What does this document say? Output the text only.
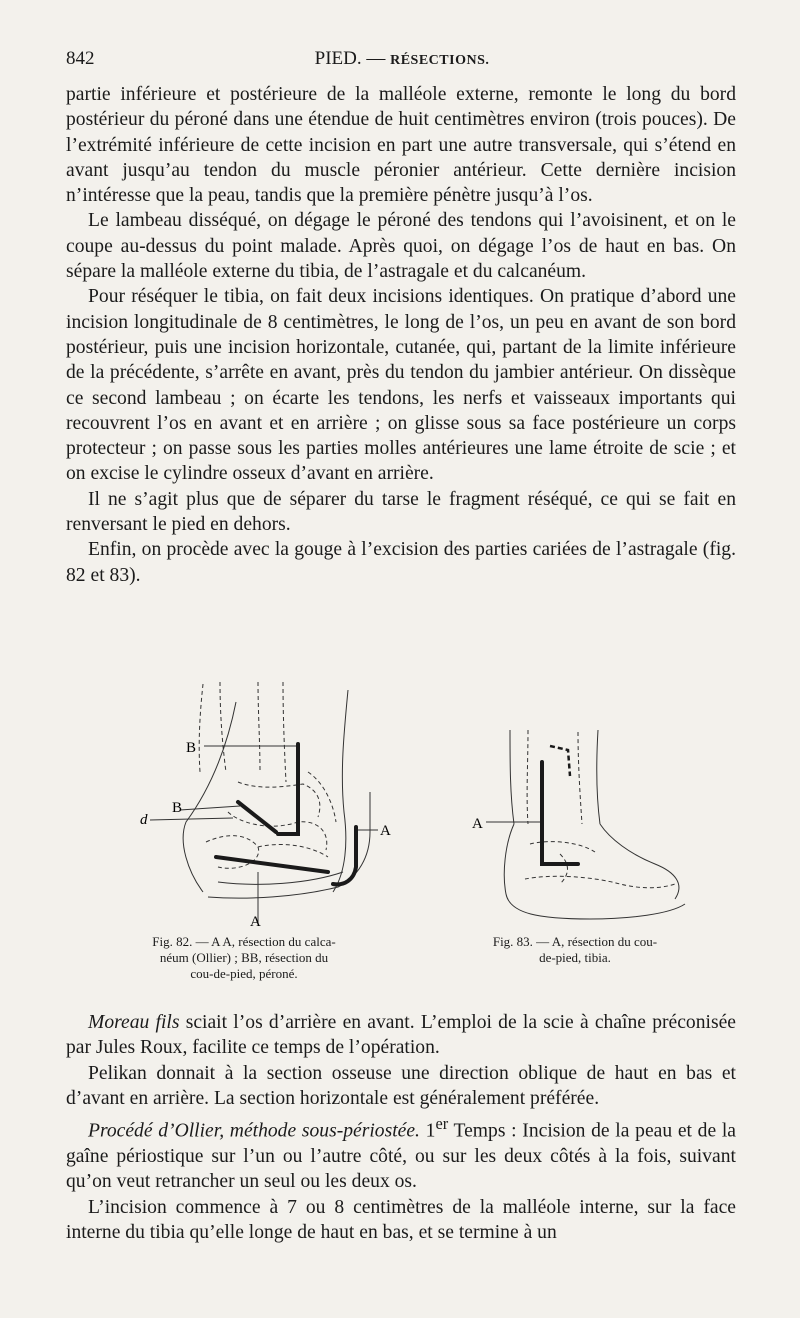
842	PIED. — RÉSECTIONS.

partie inférieure et postérieure de la malléole externe, remonte le long du bord postérieur du péroné dans une étendue de huit centimètres environ (trois pouces). De l’extrémité inférieure de cette incision en part une autre transversale, qui s’étend en avant jusqu’au tendon du muscle péronier antérieur. Cette dernière incision n’intéresse que la peau, tandis que la première pénètre jusqu’à l’os.

Le lambeau disséqué, on dégage le péroné des tendons qui l’avoisinent, et on le coupe au-dessus du point malade. Après quoi, on dégage l’os de haut en bas. On sépare la malléole externe du tibia, de l’astragale et du calcanéum.

Pour réséquer le tibia, on fait deux incisions identiques. On pratique d’abord une incision longitudinale de 8 centimètres, le long de l’os, un peu en avant de son bord postérieur, puis une incision horizontale, cutanée, qui, partant de la limite inférieure de la précédente, s’arrête en avant, près du tendon du jambier antérieur. On dissèque ce second lambeau ; on écarte les tendons, les nerfs et vaisseaux importants qui recouvrent l’os en avant et en arrière ; on glisse sous sa face postérieure un corps protecteur ; on passe sous les parties molles antérieures une lame étroite de scie ; et on excise le cylindre osseux d’avant en arrière.

Il ne s’agit plus que de séparer du tarse le fragment réséqué, ce qui se fait en renversant le pied en dehors.

Enfin, on procède avec la gouge à l’excision des parties cariées de l’astragale (fig. 82 et 83).

B
B
d
A
A
Fig. 82. — A A, résection du calca-
néum (Ollier) ; BB, résection du
cou-de-pied, péroné.
A
Fig. 83. — A, résection du cou-
de-pied, tibia.

Moreau fils sciait l’os d’arrière en avant. L’emploi de la scie à chaîne préconisée par Jules Roux, facilite ce temps de l’opération.

Pelikan donnait à la section osseuse une direction oblique de haut en bas et d’avant en arrière. La section horizontale est généralement préférée.

Procédé d’Ollier, méthode sous-périostée. 1er Temps : Incision de la peau et de la gaîne périostique sur l’un ou l’autre côté, ou sur les deux côtés à la fois, suivant qu’on veut retrancher un seul ou les deux os.

L’incision commence à 7 ou 8 centimètres de la malléole interne, sur la face interne du tibia qu’elle longe de haut en bas, et se termine à un
